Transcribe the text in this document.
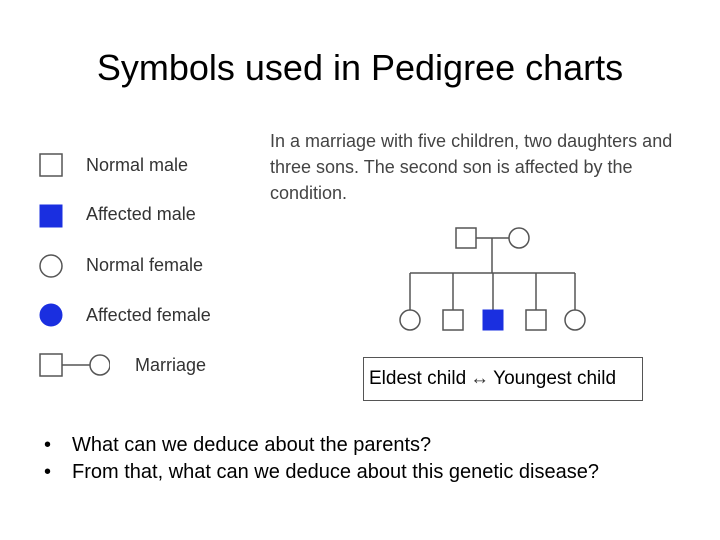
Symbols used in Pedigree charts
Normal male
Affected male
Normal female
Affected female
Marriage
In a marriage with five children, two daughters and three sons. The second son is affected by the condition.
Eldest child ↔ Youngest child
• What can we deduce about the parents?
• From that, what can we deduce about this genetic disease?
